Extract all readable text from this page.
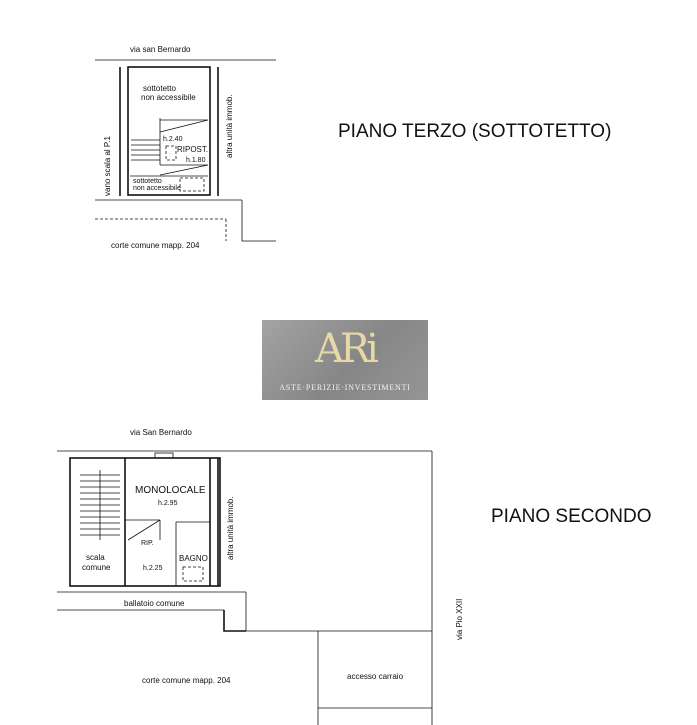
PIANO TERZO (SOTTOTETTO)
via san Bernardo
vano scala al P.1
altra unità immob.
sottotetto
non accessibile
h.2.40
RIPOST.
h.1.80
sottotetto
non accessibile
corte comune mapp. 204
PIANO SECONDO
via San Bernardo
MONOLOCALE
h.2.95	altra unità immob.
RIP.
scala
comune	h.2.25
BAGNO
ballatoio comune	via Pio XXII
corte comune mapp. 204	accesso carraio
ARi
ASTE·PERIZIE·INVESTIMENTI
